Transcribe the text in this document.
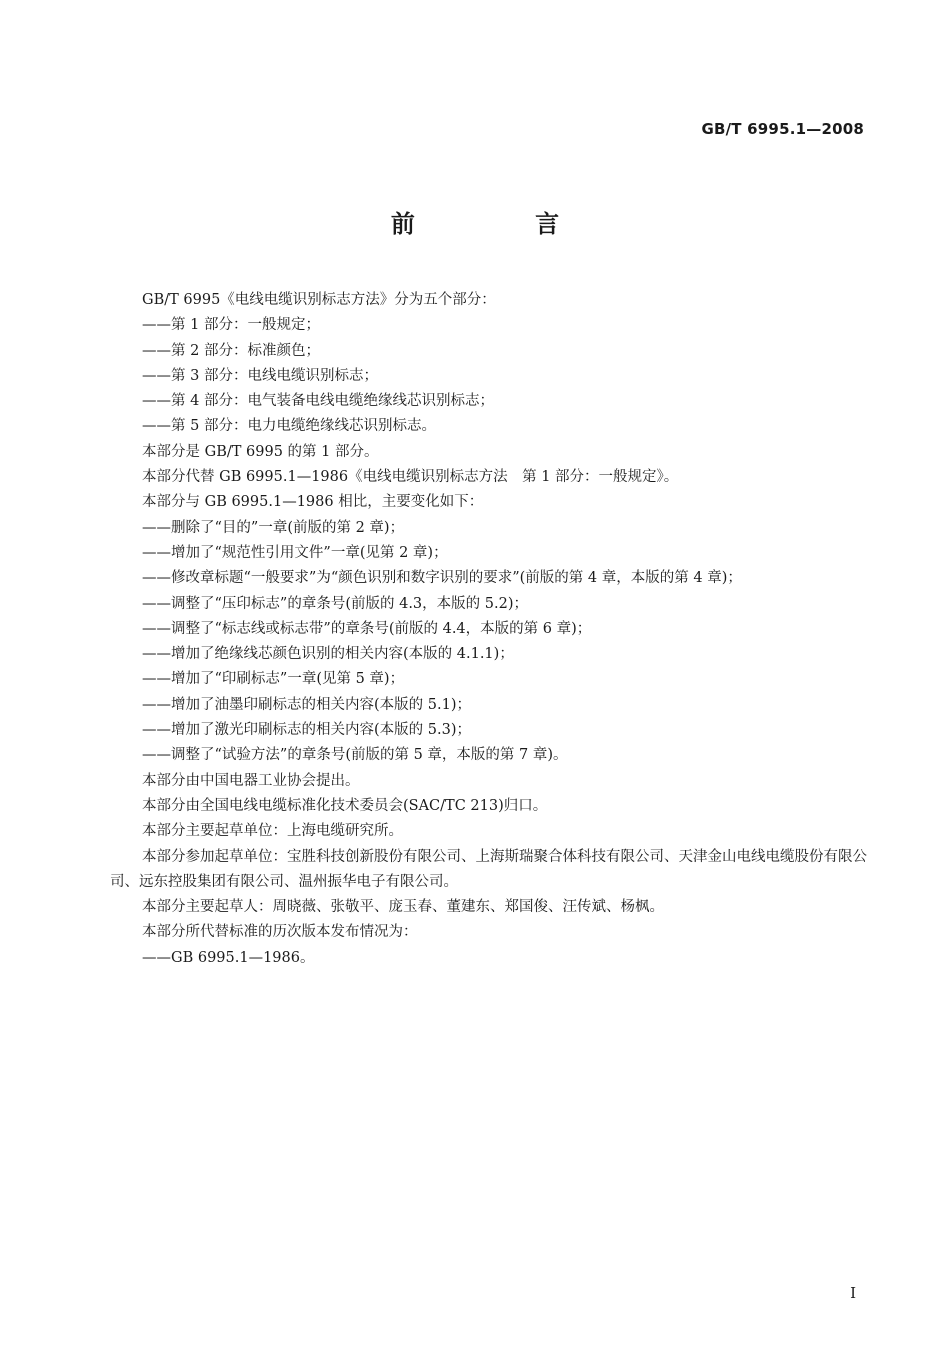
GB/T 6995.1—2008
前 言

GB/T 6995《电线电缆识别标志方法》分为五个部分：

——第 1 部分：一般规定；

——第 2 部分：标准颜色；

——第 3 部分：电线电缆识别标志；

——第 4 部分：电气装备电线电缆绝缘线芯识别标志；

——第 5 部分：电力电缆绝缘线芯识别标志。

本部分是 GB/T 6995 的第 1 部分。

本部分代替 GB 6995.1—1986《电线电缆识别标志方法　第 1 部分：一般规定》。

本部分与 GB 6995.1—1986 相比，主要变化如下：

——删除了“目的”一章(前版的第 2 章)；

——增加了“规范性引用文件”一章(见第 2 章)；

——修改章标题“一般要求”为“颜色识别和数字识别的要求”(前版的第 4 章，本版的第 4 章)；

——调整了“压印标志”的章条号(前版的 4.3，本版的 5.2)；

——调整了“标志线或标志带”的章条号(前版的 4.4，本版的第 6 章)；

——增加了绝缘线芯颜色识别的相关内容(本版的 4.1.1)；

——增加了“印刷标志”一章(见第 5 章)；

——增加了油墨印刷标志的相关内容(本版的 5.1)；

——增加了激光印刷标志的相关内容(本版的 5.3)；

——调整了“试验方法”的章条号(前版的第 5 章，本版的第 7 章)。

本部分由中国电器工业协会提出。

本部分由全国电线电缆标准化技术委员会(SAC/TC 213)归口。

本部分主要起草单位：上海电缆研究所。

本部分参加起草单位：宝胜科技创新股份有限公司、上海斯瑞聚合体科技有限公司、天津金山电线电缆股份有限公司、远东控股集团有限公司、温州振华电子有限公司。

本部分主要起草人：周晓薇、张敬平、庞玉春、董建东、郑国俊、汪传斌、杨枫。

本部分所代替标准的历次版本发布情况为：

——GB 6995.1—1986。

I
